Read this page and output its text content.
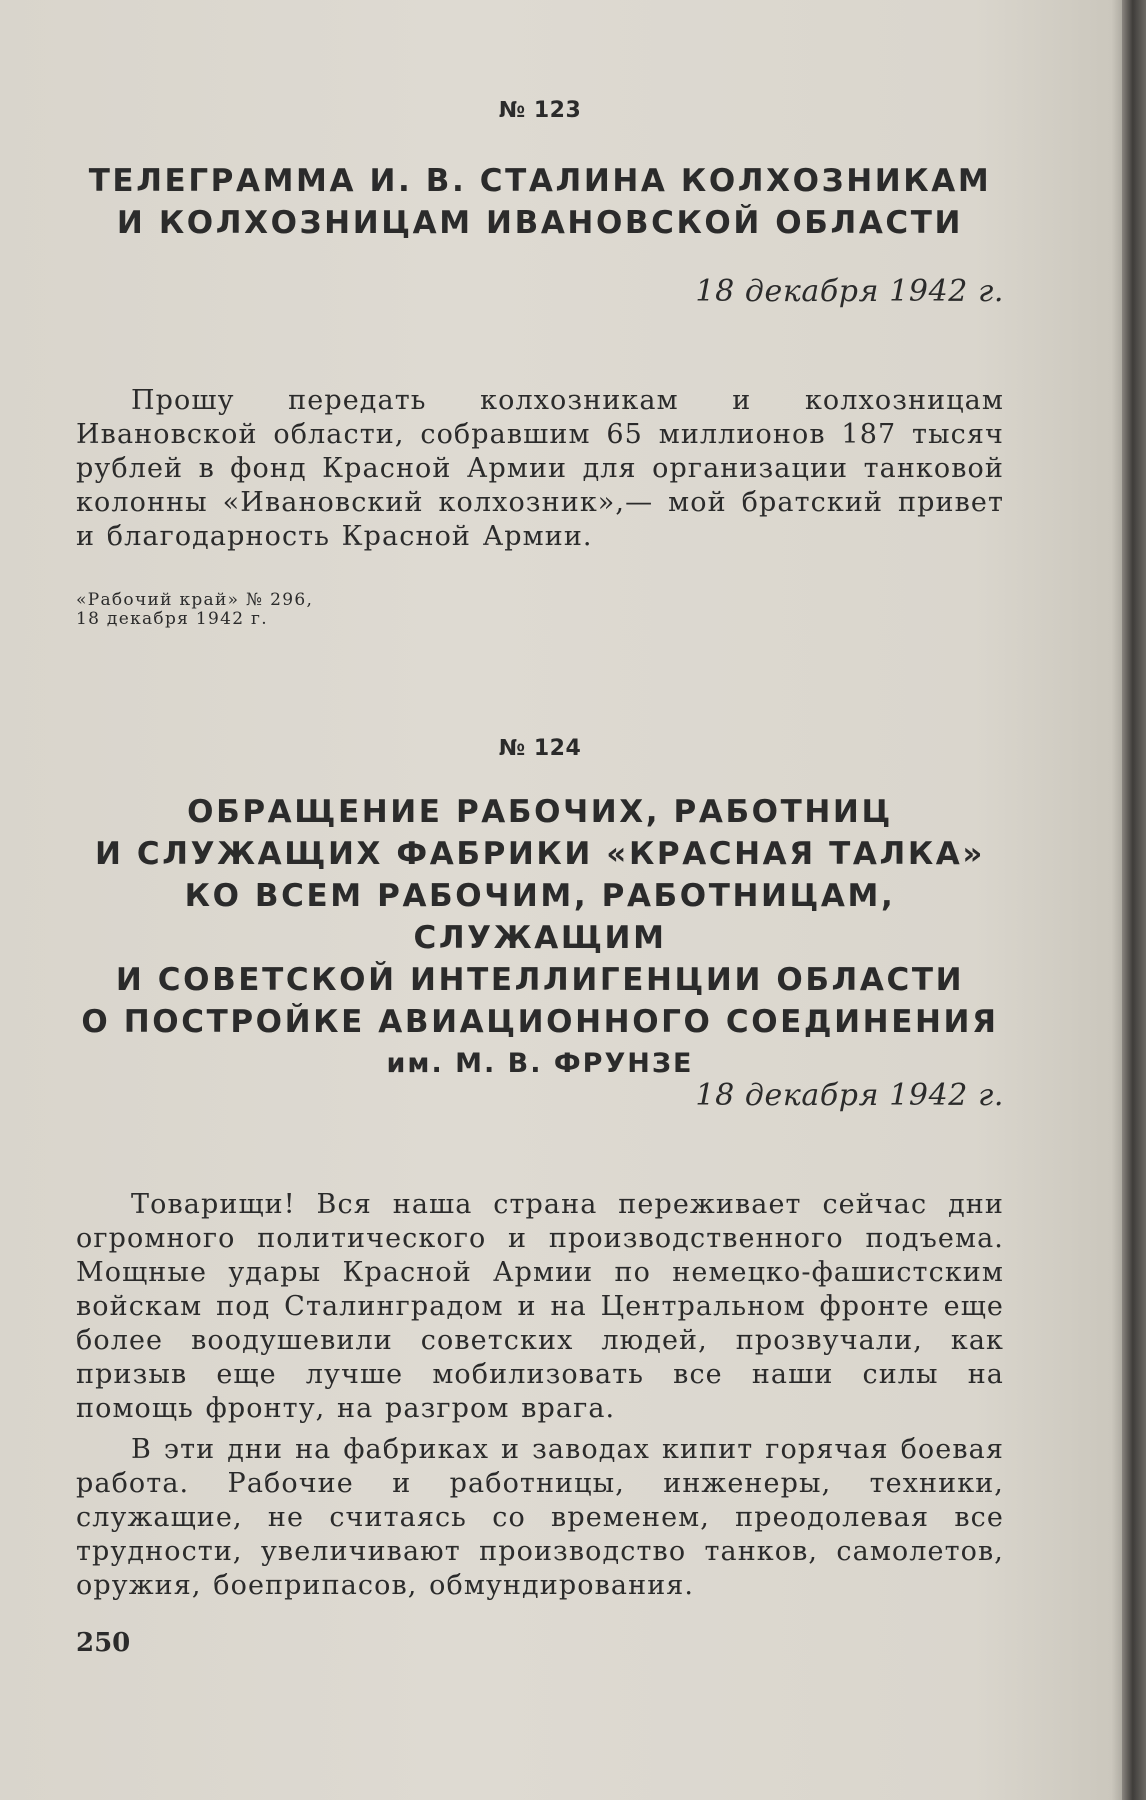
№ 123
ТЕЛЕГРАММА И. В. СТАЛИНА КОЛХОЗНИКАМ
И КОЛХОЗНИЦАМ ИВАНОВСКОЙ ОБЛАСТИ
18 декабря 1942 г.

Прошу передать колхозникам и колхозницам Ивановской области, собравшим 65 миллионов 187 тысяч рублей в фонд Красной Армии для организации танковой колонны «Ивановский колхозник»,— мой братский привет и благодарность Красной Армии.

«Рабочий край» № 296,
18 декабря 1942 г.
№ 124
ОБРАЩЕНИЕ РАБОЧИХ, РАБОТНИЦ
И СЛУЖАЩИХ ФАБРИКИ «КРАСНАЯ ТАЛКА»
КО ВСЕМ РАБОЧИМ, РАБОТНИЦАМ, СЛУЖАЩИМ
И СОВЕТСКОЙ ИНТЕЛЛИГЕНЦИИ ОБЛАСТИ
О ПОСТРОЙКЕ АВИАЦИОННОГО СОЕДИНЕНИЯ
им. М. В. ФРУНЗЕ
18 декабря 1942 г.

Товарищи! Вся наша страна переживает сейчас дни огромного политического и производственного подъема. Мощные удары Красной Армии по немецко-фашистским войскам под Сталинградом и на Центральном фронте еще более воодушевили советских людей, прозвучали, как призыв еще лучше мобилизовать все наши силы на помощь фронту, на разгром врага.

В эти дни на фабриках и заводах кипит горячая боевая работа. Рабочие и работницы, инженеры, техники, служащие, не считаясь со временем, преодолевая все трудности, увеличивают производство танков, самолетов, оружия, боеприпасов, обмундирования.

250
